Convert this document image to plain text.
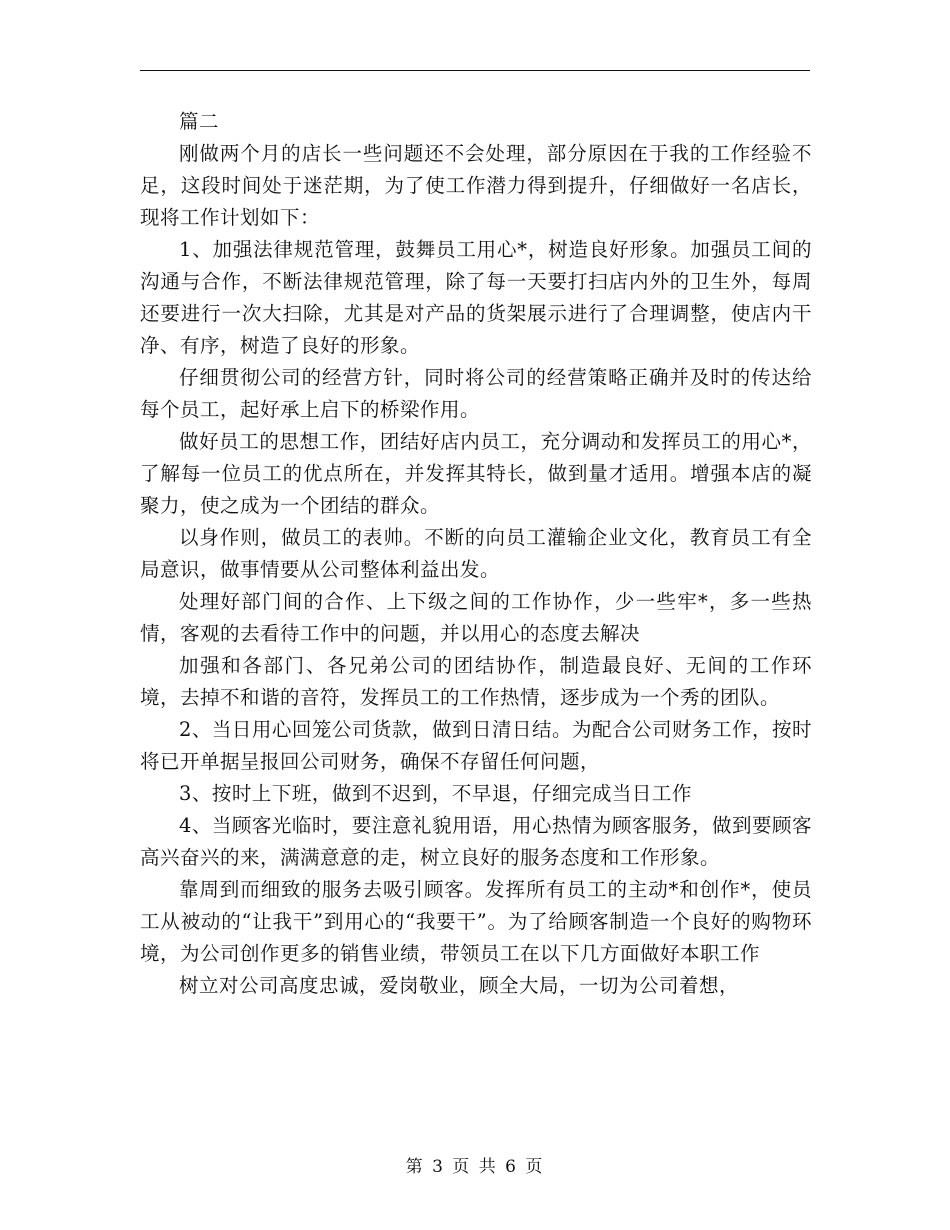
篇二

刚做两个月的店长一些问题还不会处理，部分原因在于我的工作经验不足，这段时间处于迷茫期，为了使工作潜力得到提升，仔细做好一名店长，现将工作计划如下：

1、加强法律规范管理，鼓舞员工用心*，树造良好形象。加强员工间的沟通与合作，不断法律规范管理，除了每一天要打扫店内外的卫生外，每周还要进行一次大扫除，尤其是对产品的货架展示进行了合理调整，使店内干净、有序，树造了良好的形象。

仔细贯彻公司的经营方针，同时将公司的经营策略正确并及时的传达给每个员工，起好承上启下的桥梁作用。

做好员工的思想工作，团结好店内员工，充分调动和发挥员工的用心*，了解每一位员工的优点所在，并发挥其特长，做到量才适用。增强本店的凝聚力，使之成为一个团结的群众。

以身作则，做员工的表帅。不断的向员工灌输企业文化，教育员工有全局意识，做事情要从公司整体利益出发。

处理好部门间的合作、上下级之间的工作协作，少一些牢*，多一些热情，客观的去看待工作中的问题，并以用心的态度去解决

加强和各部门、各兄弟公司的团结协作，制造最良好、无间的工作环境，去掉不和谐的音符，发挥员工的工作热情，逐步成为一个秀的团队。

2、当日用心回笼公司货款，做到日清日结。为配合公司财务工作，按时将已开单据呈报回公司财务，确保不存留任何问题，

3、按时上下班，做到不迟到，不早退，仔细完成当日工作

4、当顾客光临时，要注意礼貌用语，用心热情为顾客服务，做到要顾客高兴奋兴的来，满满意意的走，树立良好的服务态度和工作形象。

靠周到而细致的服务去吸引顾客。发挥所有员工的主动*和创作*，使员工从被动的“让我干”到用心的“我要干”。为了给顾客制造一个良好的购物环境，为公司创作更多的销售业绩，带领员工在以下几方面做好本职工作

树立对公司高度忠诚，爱岗敬业，顾全大局，一切为公司着想，

第 3 页 共 6 页
